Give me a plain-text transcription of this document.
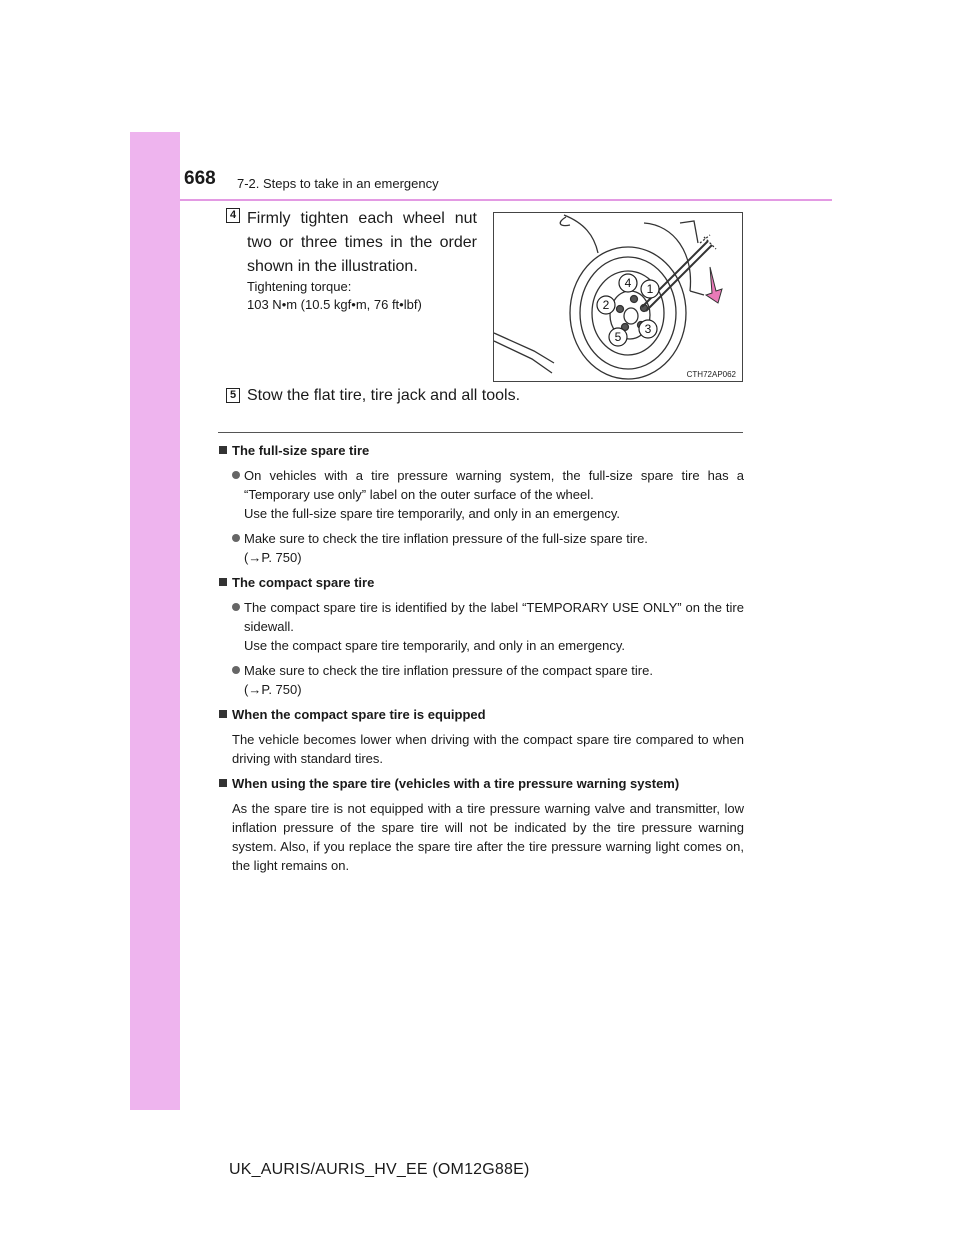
668 7-2. Steps to take in an emergency
4 Firmly tighten each wheel nut
two or three times in the order
shown in the illustration.
Tightening torque:
103 N•m (10.5 kgf•m, 76 ft•lbf)
1
2
3
4
5
CTH72AP062
5 Stow the flat tire, tire jack and all tools.

The full-size spare tire

On vehicles with a tire pressure warning system, the full-size spare tire has a “Temporary use only” label on the outer surface of the wheel.
Use the full-size spare tire temporarily, and only in an emergency.

Make sure to check the tire inflation pressure of the full-size spare tire.
(→P. 750)

The compact spare tire

The compact spare tire is identified by the label “TEMPORARY USE ONLY” on the tire sidewall.
Use the compact spare tire temporarily, and only in an emergency.

Make sure to check the tire inflation pressure of the compact spare tire.
(→P. 750)

When the compact spare tire is equipped

The vehicle becomes lower when driving with the compact spare tire compared to when driving with standard tires.

When using the spare tire (vehicles with a tire pressure warning system)

As the spare tire is not equipped with a tire pressure warning valve and transmitter, low inflation pressure of the spare tire will not be indicated by the tire pressure warning system. Also, if you replace the spare tire after the tire pressure warning light comes on, the light remains on.

UK_AURIS/AURIS_HV_EE (OM12G88E)
